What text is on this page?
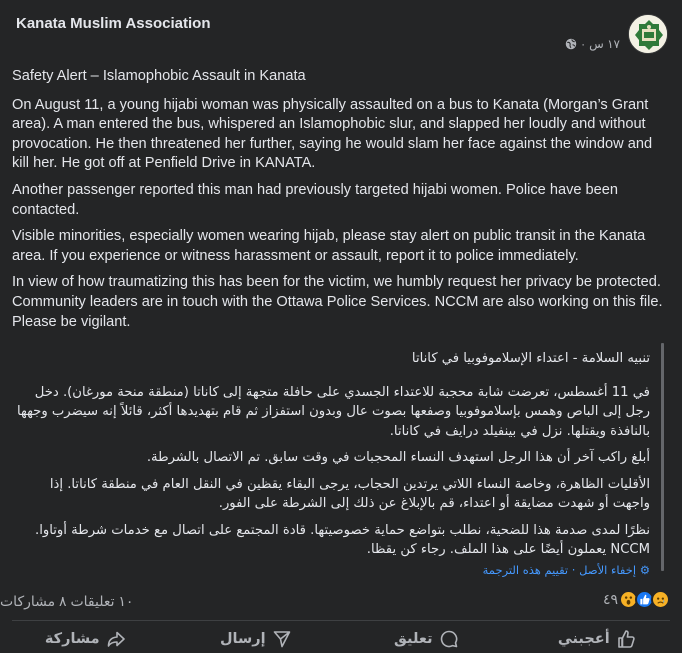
Kanata Muslim Association
· ١٧ س

Safety Alert – Islamophobic Assault in Kanata

On August 11, a young hijabi woman was physically assaulted on a bus to Kanata (Morgan’s Grant area). A man entered the bus, whispered an Islamophobic slur, and slapped her loudly and without provocation. He then threatened her further, saying he would slam her face against the window and kill her. He got off at Penfield Drive in KANATA.

Another passenger reported this man had previously targeted hijabi women. Police have been contacted.

Visible minorities, especially women wearing hijab, please stay alert on public transit in the Kanata area. If you experience or witness harassment or assault, report it to police immediately.

In view of how traumatizing this has been for the victim, we humbly request her privacy be protected. Community leaders are in touch with the Ottawa Police Services. NCCM are also working on this file. Please be vigilant.

تنبيه السلامة - اعتداء الإسلاموفوبيا في كاناتا

في 11 أغسطس، تعرضت شابة محجبة للاعتداء الجسدي على حافلة متجهة إلى كاناتا (منطقة منحة مورغان). دخل رجل إلى الباص وهمس بإسلاموفوبيا وصفعها بصوت عال وبدون استفزاز ثم قام بتهديدها أكثر، قائلاً إنه سيضرب وجهها بالنافذة ويقتلها. نزل في بينفيلد درايف في كاناتا.

أبلغ راكب آخر أن هذا الرجل استهدف النساء المحجبات في وقت سابق. تم الاتصال بالشرطة.

الأقليات الظاهرة، وخاصة النساء اللاتي يرتدين الحجاب، يرجى البقاء يقظين في النقل العام في منطقة كاناتا. إذا واجهت أو شهدت مضايقة أو اعتداء، قم بالإبلاغ عن ذلك إلى الشرطة على الفور.

نظرًا لمدى صدمة هذا للضحية، نطلب بتواضع حماية خصوصيتها. قادة المجتمع على اتصال مع خدمات شرطة أوتاوا. NCCM يعملون أيضًا على هذا الملف. رجاء كن يقظا.

⚙ إخفاء الأصل · تقييم هذه الترجمة
١٠ تعليقات ٨ مشاركات	٤٩
أعجبني
تعليق
إرسال
مشاركة
